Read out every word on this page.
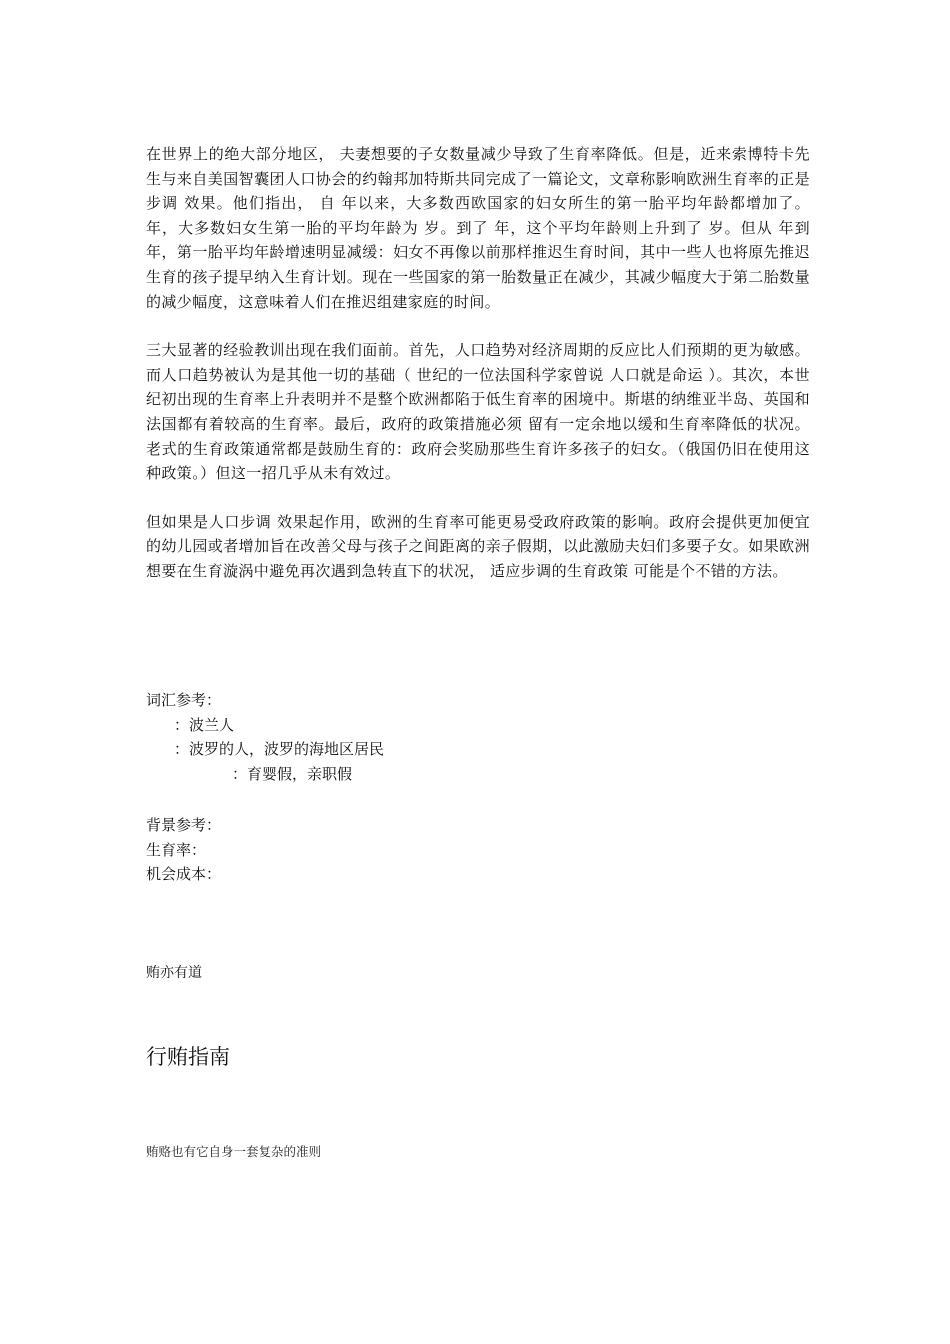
在世界上的绝大部分地区， 夫妻想要的子女数量减少导致了生育率降低。但是，近来索博特卡先生与来自美国智囊团人口协会的约翰邦加特斯共同完成了一篇论文，文章称影响欧洲生育率的正是 步调 效果。他们指出， 自 年以来，大多数西欧国家的妇女所生的第一胎平均年龄都增加了。 年，大多数妇女生第一胎的平均年龄为 岁。到了 年，这个平均年龄则上升到了 岁。但从 年到 年，第一胎平均年龄增速明显减缓：妇女不再像以前那样推迟生育时间，其中一些人也将原先推迟生育的孩子提早纳入生育计划。现在一些国家的第一胎数量正在减少，其减少幅度大于第二胎数量的减少幅度，这意味着人们在推迟组建家庭的时间。

三大显著的经验教训出现在我们面前。首先，人口趋势对经济周期的反应比人们预期的更为敏感。而人口趋势被认为是其他一切的基础（ 世纪的一位法国科学家曾说 人口就是命运 ）。其次，本世纪初出现的生育率上升表明并不是整个欧洲都陷于低生育率的困境中。斯堪的纳维亚半岛、英国和法国都有着较高的生育率。最后，政府的政策措施必须 留有一定余地以缓和生育率降低的状况。老式的生育政策通常都是鼓励生育的：政府会奖励那些生育许多孩子的妇女。（俄国仍旧在使用这种政策。）但这一招几乎从未有效过。

但如果是人口步调 效果起作用，欧洲的生育率可能更易受政府政策的影响。政府会提供更加便宜的幼儿园或者增加旨在改善父母与孩子之间距离的亲子假期，以此激励夫妇们多要子女。如果欧洲想要在生育漩涡中避免再次遇到急转直下的状况， 适应步调的生育政策 可能是个不错的方法。

词汇参考：

：波兰人

：波罗的人，波罗的海地区居民

：育婴假，亲职假

背景参考：

生育率：

机会成本：

贿亦有道

行贿指南

贿赂也有它自身一套复杂的准则
